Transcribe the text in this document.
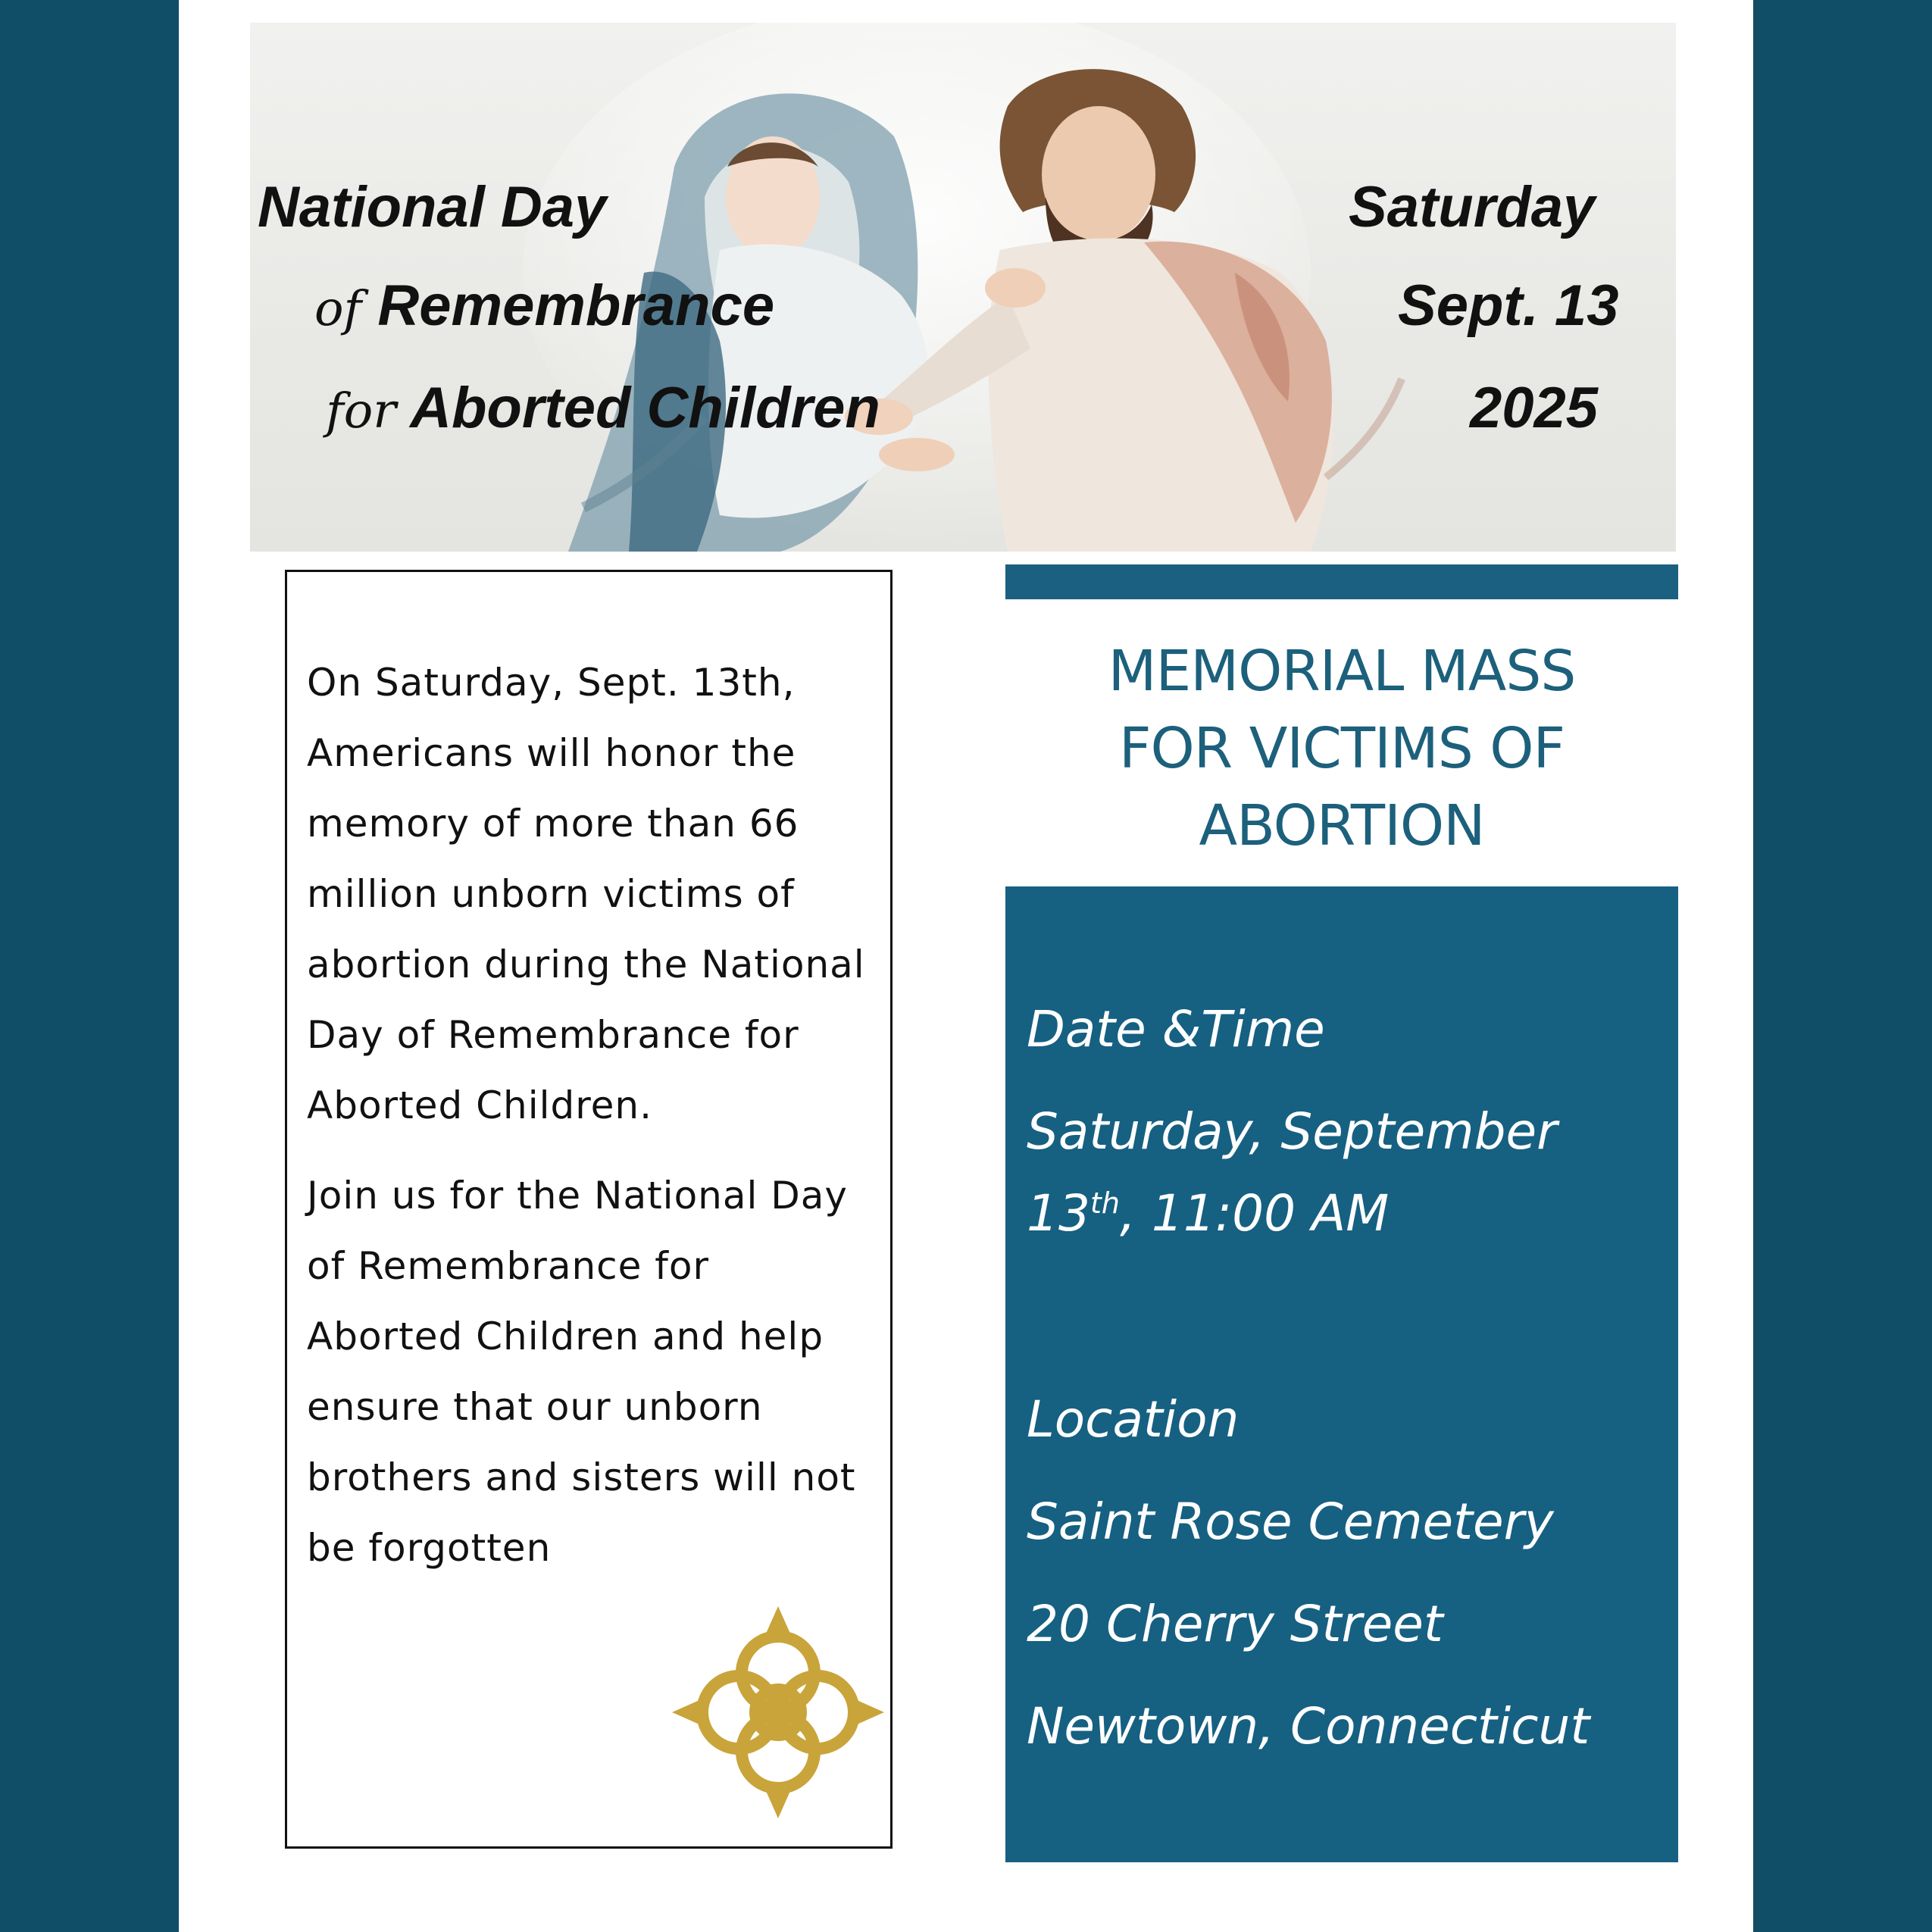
National Day
of Remembrance
for Aborted Children
Saturday
Sept. 13
2025

On Saturday, Sept. 13th, Americans will honor the memory of more than 66 million unborn victims of abortion during the National Day of Remembrance for Aborted Children.

Join us for the National Day of Remembrance for Aborted Children and help ensure that our unborn brothers and sisters will not be forgotten

MEMORIAL MASS
FOR VICTIMS OF
ABORTION
Date &Time
Saturday, September
13th, 11:00 AM
Location
Saint Rose Cemetery
20 Cherry Street
Newtown, Connecticut
